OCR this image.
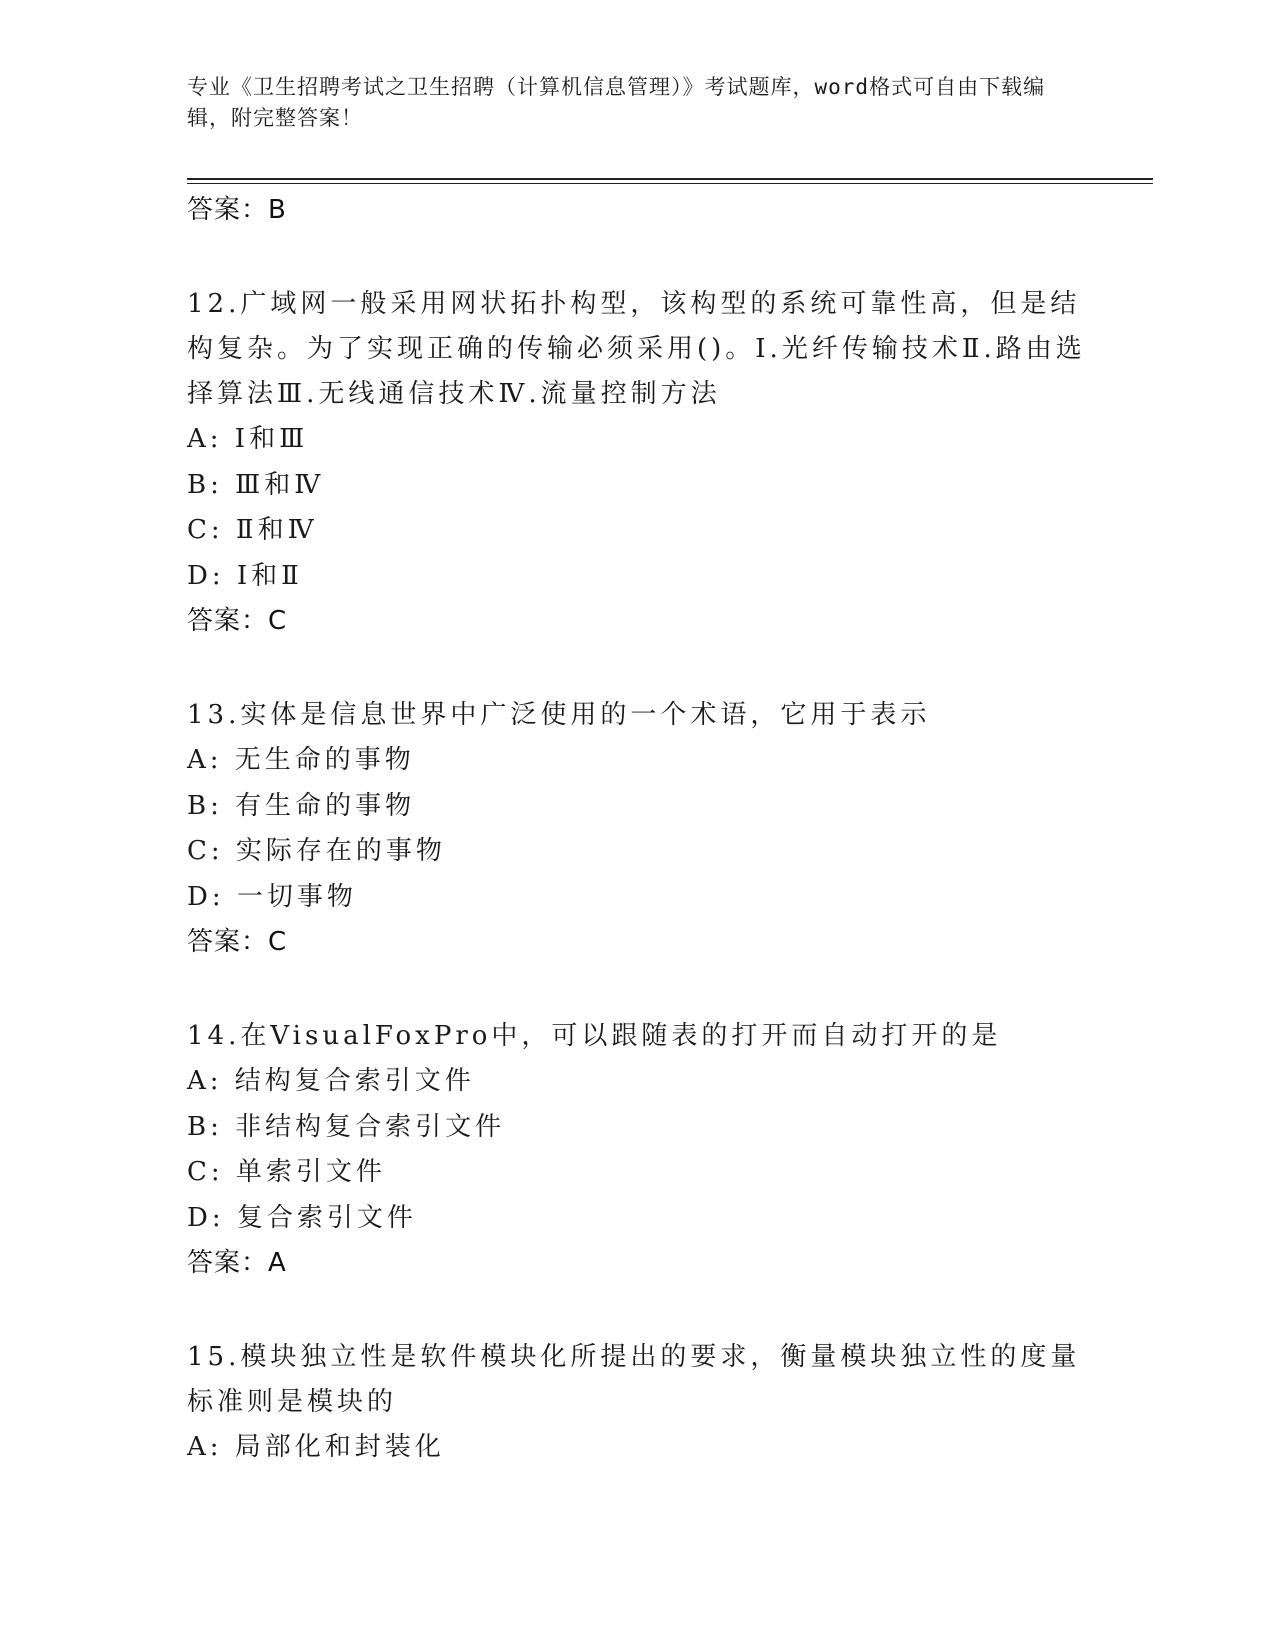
专业《卫生招聘考试之卫生招聘（计算机信息管理）》考试题库，word格式可自由下载编辑，附完整答案！
答案：B
12.广域网一般采用网状拓扑构型，该构型的系统可靠性高，但是结构复杂。为了实现正确的传输必须采用()。Ⅰ.光纤传输技术Ⅱ.路由选择算法Ⅲ.无线通信技术Ⅳ.流量控制方法
A: Ⅰ和Ⅲ
B: Ⅲ和Ⅳ
C: Ⅱ和Ⅳ
D: Ⅰ和Ⅱ
答案：C
13.实体是信息世界中广泛使用的一个术语，它用于表示
A: 无生命的事物
B: 有生命的事物
C: 实际存在的事物
D: 一切事物
答案：C
14.在VisualFoxPro中，可以跟随表的打开而自动打开的是
A: 结构复合索引文件
B: 非结构复合索引文件
C: 单索引文件
D: 复合索引文件
答案：A
15.模块独立性是软件模块化所提出的要求，衡量模块独立性的度量标准则是模块的
A: 局部化和封装化
